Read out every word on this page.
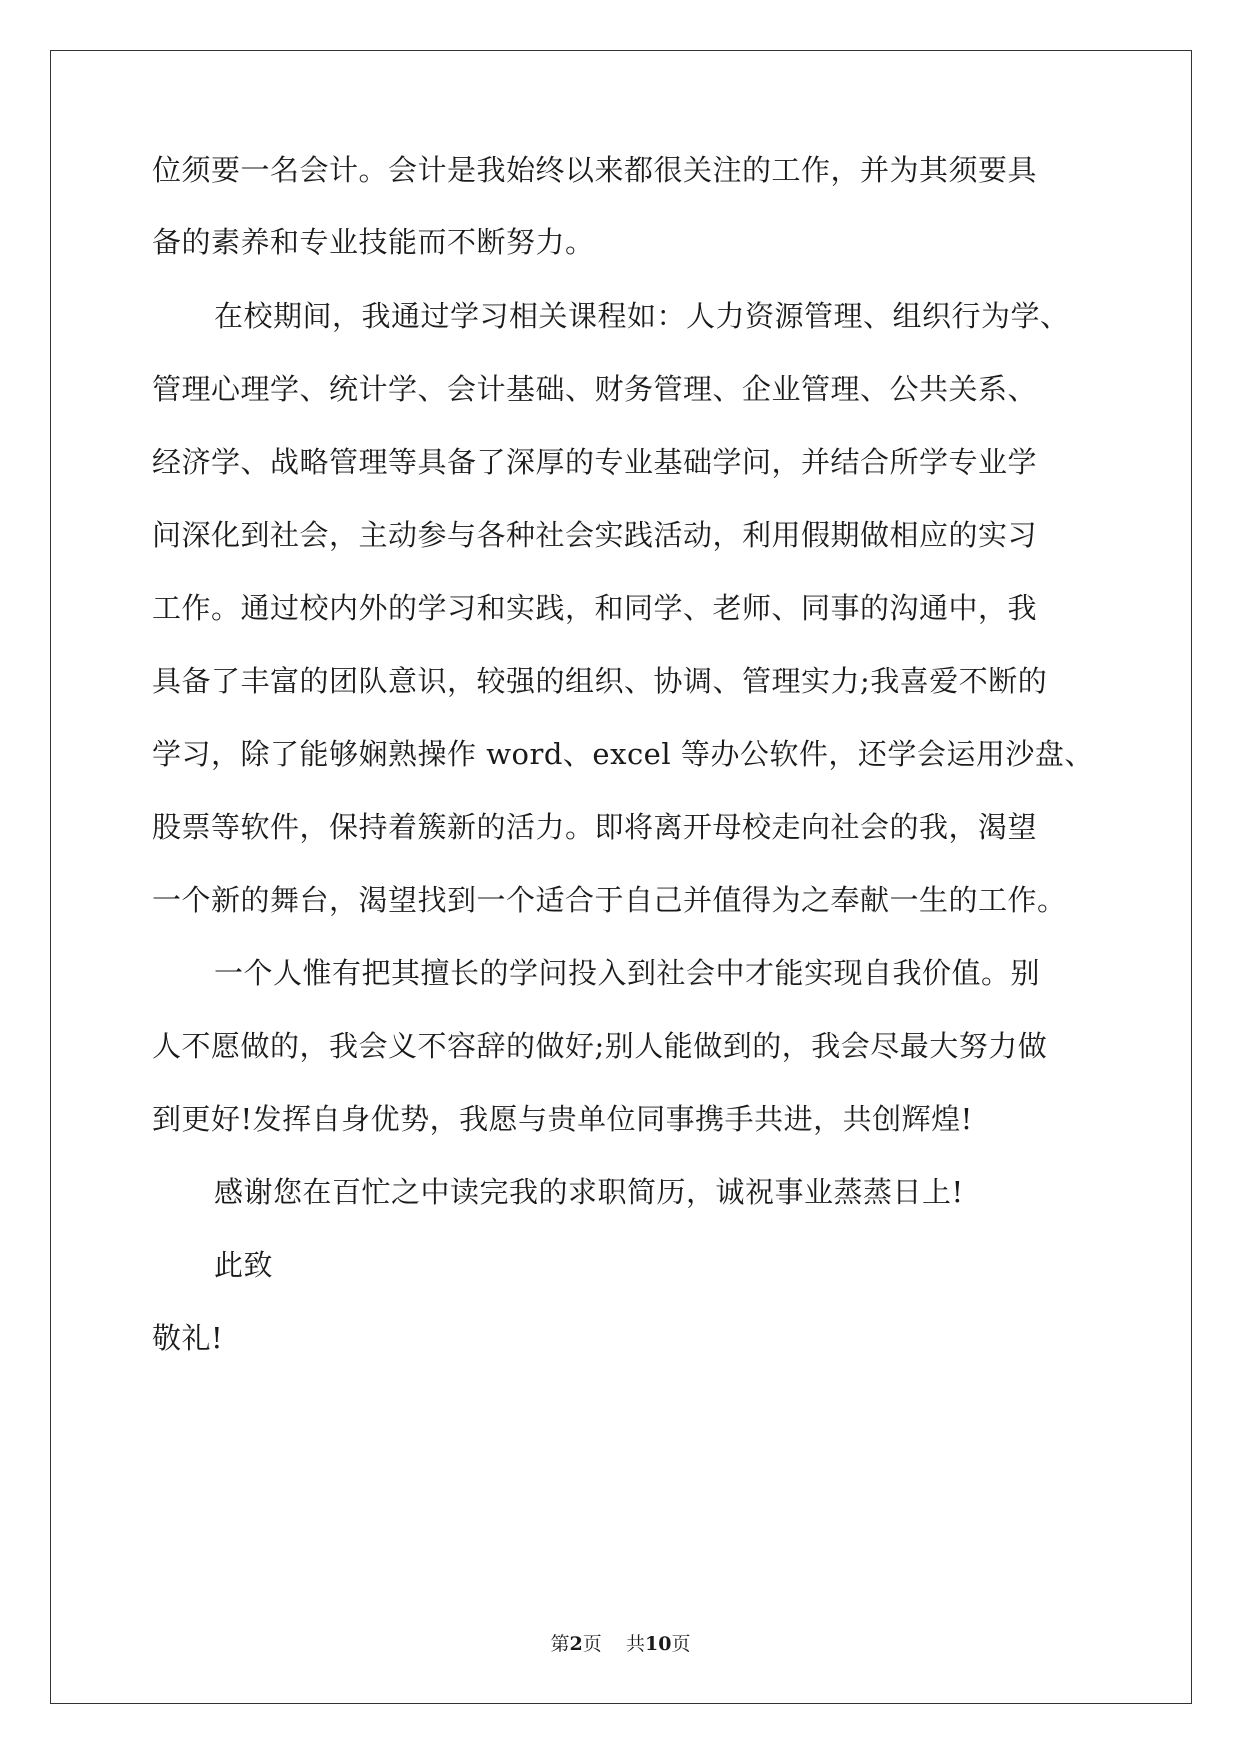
位须要一名会计。会计是我始终以来都很关注的工作，并为其须要具
备的素养和专业技能而不断努力。
在校期间，我通过学习相关课程如：人力资源管理、组织行为学、
管理心理学、统计学、会计基础、财务管理、企业管理、公共关系、
经济学、战略管理等具备了深厚的专业基础学问，并结合所学专业学
问深化到社会，主动参与各种社会实践活动，利用假期做相应的实习
工作。通过校内外的学习和实践，和同学、老师、同事的沟通中，我
具备了丰富的团队意识，较强的组织、协调、管理实力;我喜爱不断的
学习，除了能够娴熟操作 word、excel 等办公软件，还学会运用沙盘、
股票等软件，保持着簇新的活力。即将离开母校走向社会的我，渴望
一个新的舞台，渴望找到一个适合于自己并值得为之奉献一生的工作。
一个人惟有把其擅长的学问投入到社会中才能实现自我价值。别
人不愿做的，我会义不容辞的做好;别人能做到的，我会尽最大努力做
到更好!发挥自身优势，我愿与贵单位同事携手共进，共创辉煌!
感谢您在百忙之中读完我的求职简历，诚祝事业蒸蒸日上!
此致
敬礼!
第2页 共10页
